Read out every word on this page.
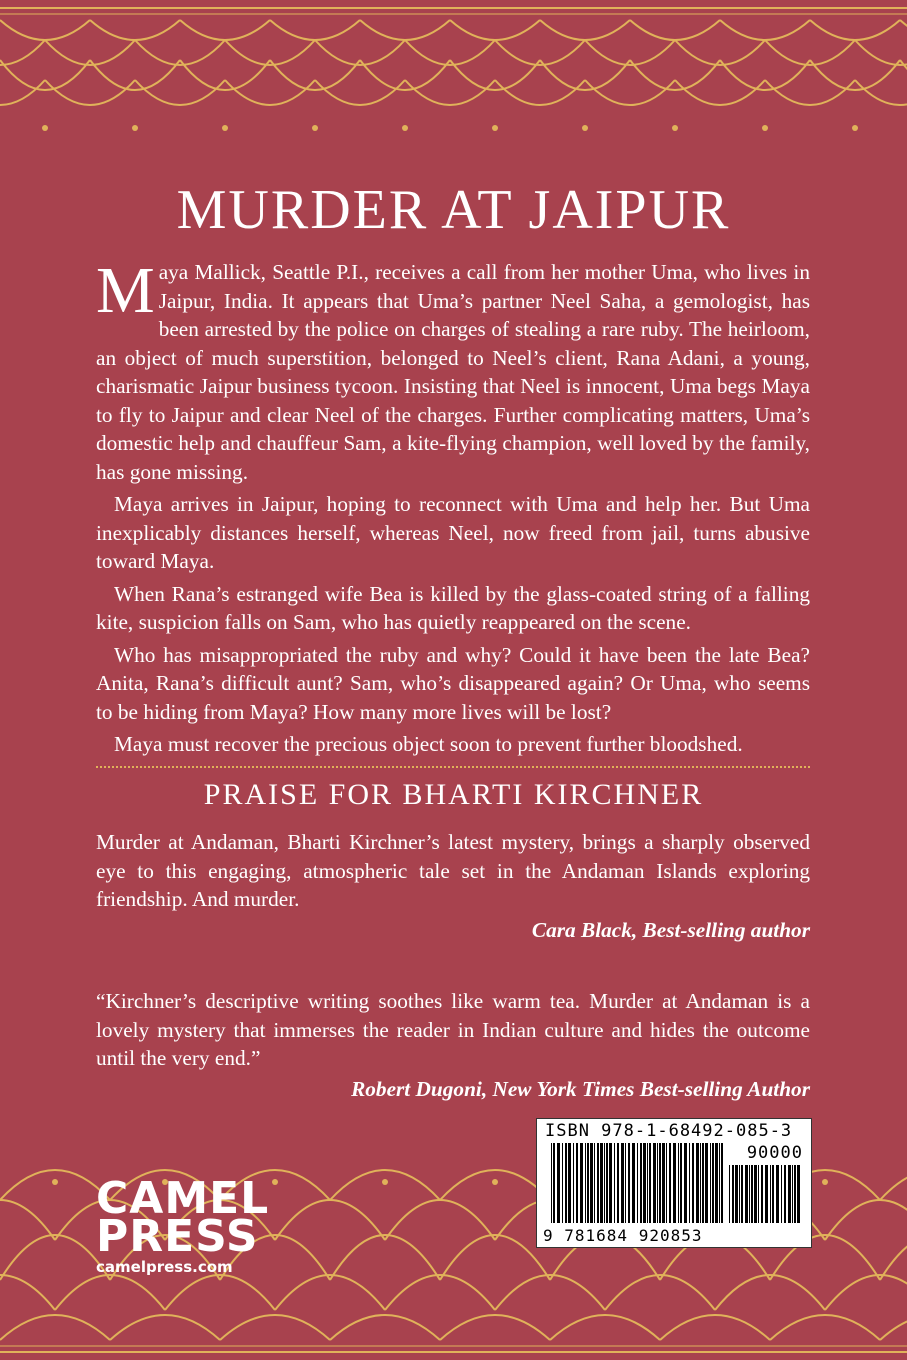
MURDER AT JAIPUR

Maya Mallick, Seattle P.I., receives a call from her mother Uma, who lives in Jaipur, India. It appears that Uma’s partner Neel Saha, a gemologist, has been arrested by the police on charges of stealing a rare ruby. The heirloom, an object of much superstition, belonged to Neel’s client, Rana Adani, a young, charismatic Jaipur business tycoon. Insisting that Neel is innocent, Uma begs Maya to fly to Jaipur and clear Neel of the charges. Further complicating matters, Uma’s domestic help and chauffeur Sam, a kite-flying champion, well loved by the family, has gone missing.

Maya arrives in Jaipur, hoping to reconnect with Uma and help her. But Uma inexplicably distances herself, whereas Neel, now freed from jail, turns abusive toward Maya.

When Rana’s estranged wife Bea is killed by the glass-coated string of a falling kite, suspicion falls on Sam, who has quietly reappeared on the scene.

Who has misappropriated the ruby and why? Could it have been the late Bea? Anita, Rana’s difficult aunt? Sam, who’s disappeared again? Or Uma, who seems to be hiding from Maya? How many more lives will be lost?

Maya must recover the precious object soon to prevent further bloodshed.

PRAISE FOR BHARTI KIRCHNER
Murder at Andaman, Bharti Kirchner’s latest mystery, brings a sharply observed eye to this engaging, atmospheric tale set in the Andaman Islands exploring friendship. And murder.
Cara Black, Best-selling author
“Kirchner’s descriptive writing soothes like warm tea. Murder at Andaman is a lovely mystery that immerses the reader in Indian culture and hides the outcome until the very end.”
Robert Dugoni, New York Times Best-selling Author
ISBN 978-1-68492-085-3
90000
9 781684 920853
CAMEL
PRESS
camelpress.com
